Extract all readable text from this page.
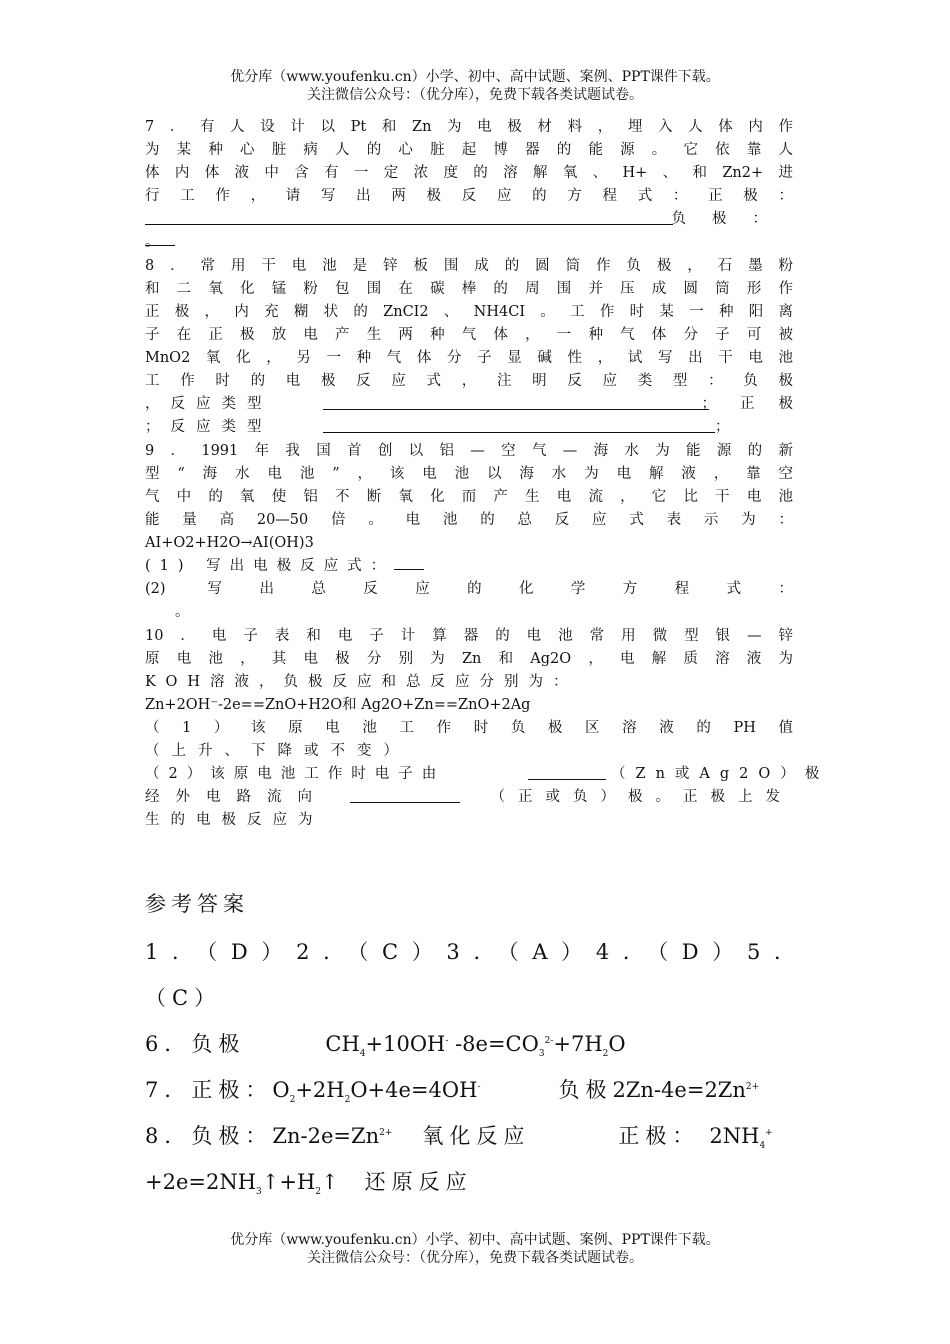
优分库（www.youfenku.cn）小学、初中、高中试题、案例、PPT课件下载。
关注微信公众号：（优分库），免费下载各类试题试卷。
7．有人设计以Pt和Zn为电极材料，埋入人体内作
为某种心脏病人的心脏起博器的能源。它依靠人
体内体液中含有一定浓度的溶解氧、H+、和Zn2+进
行工作，请写出两极反应的方程式：正极：
负极：
。
8．常用干电池是锌板围成的圆筒作负极，石墨粉
和二氧化锰粉包围在碳棒的周围并压成圆筒形作
正极，内充糊状的ZnCI2、NH4CI。工作时某一种阳离
子在正极放电产生两种气体，一种气体分子可被
MnO2氧化，另一种气体分子显碱性，试写出干电池
工作时的电极反应式，注明反应类型：负极
，反应类型	；正极
；反应类型	；
9．1991年我国首创以铝—空气—海水为能源的新
型“海水电池”，该电池以海水为电解液，靠空
气中的氧使铝不断氧化而产生电流，它比干电池
能量高20—50倍。电池的总反应式表示为：
AI+O2+H2O→AI(OH)3
(1) 写出电极反应式：
(2) 写出总反应的化学方程式：
。
10．电子表和电子计算器的电池常用微型银—锌
原电池，其电极分别为Zn和Ag2O，电解质溶液为
KOH溶液，负极反应和总反应分别为：
Zn+2OH⁻-2e==ZnO+H2O和 Ag2O+Zn==ZnO+2Ag
（1）该原电池工作时负极区溶液的PH值
（上升、下降或不变）
（2）该原电池工作时电子由	（Zn或Ag2O）极
经外电路流向	（正或负）极。正极上发
生的电极反应为
参考答案
1．（D）2．（C）3．（A）4．（D）5．
（C）
6．负极	$CH_4+10OH^-$ $-8e=CO_3^{2-}+7H_2O$
7．正极：$O_2+2H_2O+4e=4OH^-$	负极$2Zn-4e=2Zn^{2+}$
8．负极：$Zn-2e=Zn^{2+}$ 氧化反应	正极： $2NH_4^+$
$+2e=2NH_3↑+H_2↑$ 还原反应
优分库（www.youfenku.cn）小学、初中、高中试题、案例、PPT课件下载。
关注微信公众号：（优分库），免费下载各类试题试卷。
